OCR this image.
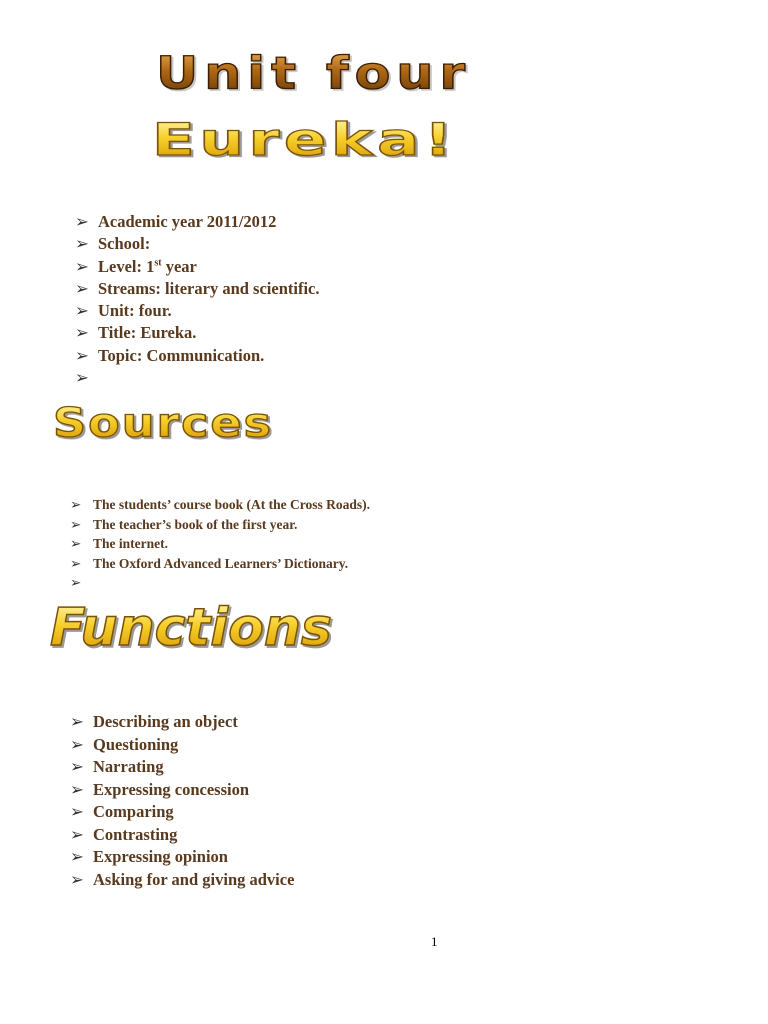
Unit four
Eureka!
➢ Academic year 2011/2012
➢ School:
➢ Level: 1st year
➢ Streams: literary and scientific.
➢ Unit: four.
➢ Title: Eureka.
➢ Topic: Communication.
➢
Sources
➢ The students’ course book (At the Cross Roads).
➢ The teacher’s book of the first year.
➢ The internet.
➢ The Oxford Advanced Learners’ Dictionary.
➢
Functions
➢ Describing an object
➢ Questioning
➢ Narrating
➢ Expressing concession
➢ Comparing
➢ Contrasting
➢ Expressing opinion
➢ Asking for and giving advice
1
